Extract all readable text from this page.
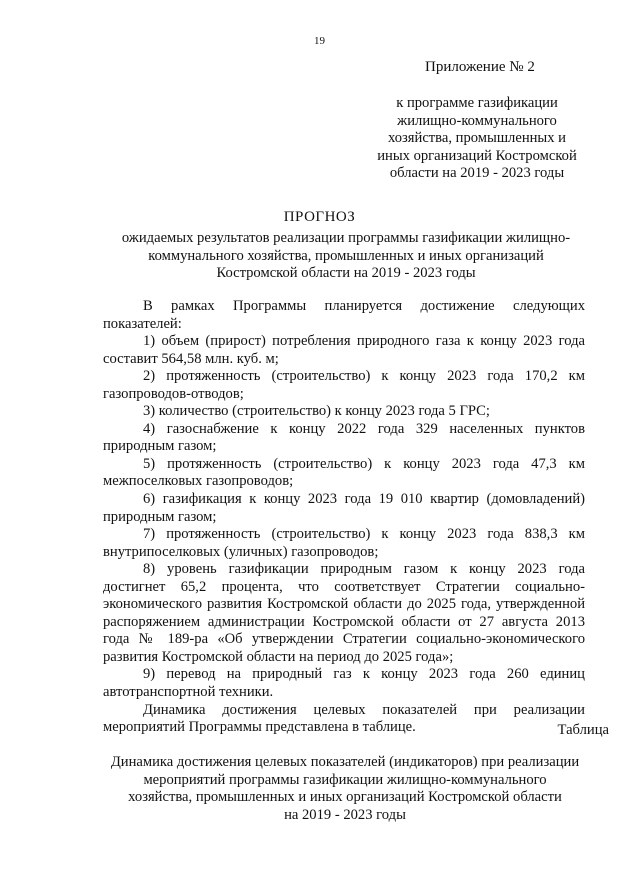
19
Приложение № 2
к программе газификации
жилищно-коммунального
хозяйства, промышленных и
иных организаций Костромской
области на 2019 - 2023 годы
ПРОГНОЗ
ожидаемых результатов реализации программы газификации жилищно-
коммунального хозяйства, промышленных и иных организаций
Костромской области на 2019 - 2023 годы

В рамках Программы планируется достижение следующих показателей:

1) объем (прирост) потребления природного газа к концу 2023 года составит 564,58 млн. куб. м;

2) протяженность (строительство) к концу 2023 года 170,2 км газопроводов-отводов;

3) количество (строительство) к концу 2023 года 5 ГРС;

4) газоснабжение к концу 2022 года 329 населенных пунктов природным газом;

5) протяженность (строительство) к концу 2023 года 47,3 км межпоселковых газопроводов;

6) газификация к концу 2023 года 19 010 квартир (домовладений) природным газом;

7) протяженность (строительство) к концу 2023 года 838,3 км внутрипоселковых (уличных) газопроводов;

8) уровень газификации природным газом к концу 2023 года достигнет 65,2 процента, что соответствует Стратегии социально-экономического развития Костромской области до 2025 года, утвержденной распоряжением администрации Костромской области от 27 августа 2013 года № 189-ра «Об утверждении Стратегии социально-экономического развития Костромской области на период до 2025 года»;

9) перевод на природный газ к концу 2023 года 260 единиц автотранспортной техники.

Динамика достижения целевых показателей при реализации мероприятий Программы представлена в таблице.	Таблица
Динамика достижения целевых показателей (индикаторов) при реализации
мероприятий программы газификации жилищно-коммунального
хозяйства, промышленных и иных организаций Костромской области
на 2019 - 2023 годы
